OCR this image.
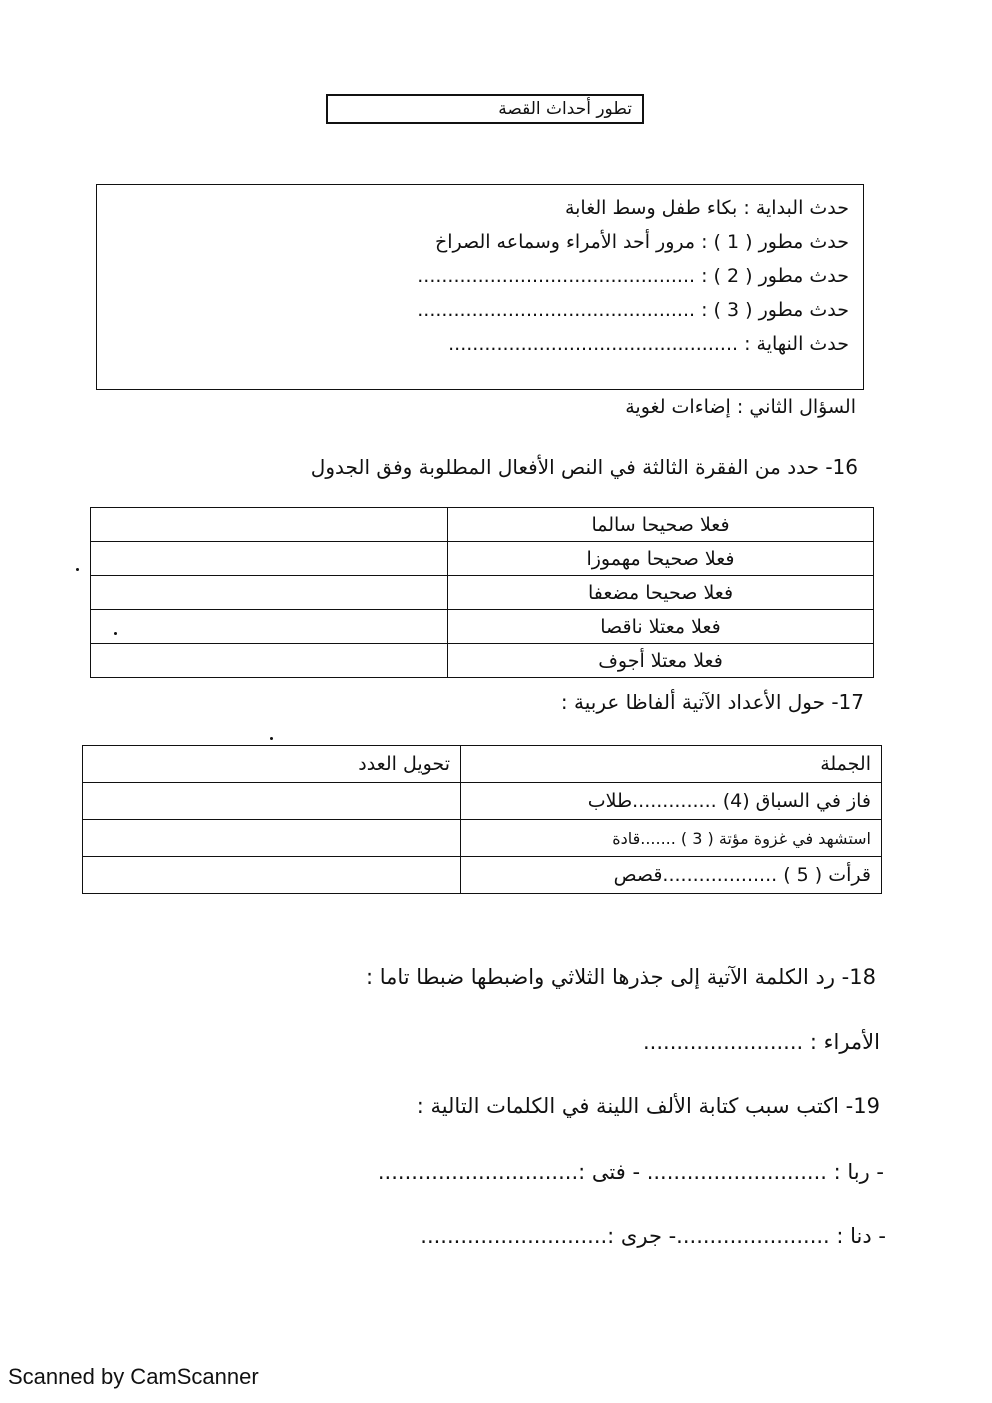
تطور أحداث القصة
حدث البداية : بكاء طفل وسط الغابة
حدث مطور ( 1 ) : مرور أحد الأمراء وسماعه الصراخ
حدث مطور ( 2 ) : ..............................................
حدث مطور ( 3 ) : ..............................................
حدث النهاية : ................................................
السؤال الثاني : إضاءات لغوية
16- حدد من الفقرة الثالثة في النص الأفعال المطلوبة وفق الجدول
فعلا صحيحا سالما	
فعلا صحيحا مهموزا	
فعلا صحيحا مضعفا	
فعلا معتلا ناقصا	
فعلا معتلا أجوف	
17- حول الأعداد الآتية ألفاظا عربية :
الجملة	تحويل العدد
فاز في السباق (4) ..............طلاب	
استشهد في غزوة مؤتة ( 3 ) .......قادة	
قرأت ( 5 ) ...................قصص	
18- رد الكلمة الآتية إلى جذرها الثلاثي واضبطها ضبطا تاما :
الأمراء : ........................
19- اكتب سبب كتابة الألف اللينة في الكلمات التالية :
- ربا : ........................... - فتى :..............................
- دنا : .......................- جرى :............................
Scanned by CamScanner
